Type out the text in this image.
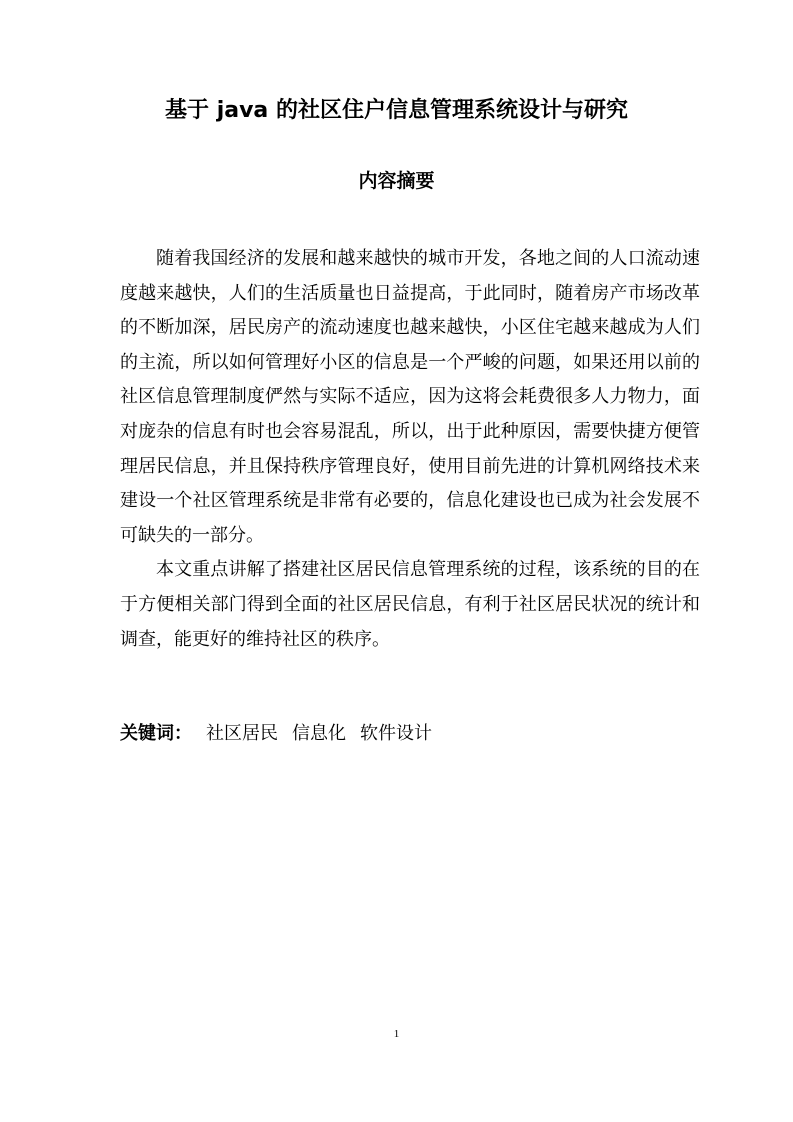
基于 java 的社区住户信息管理系统设计与研究
内容摘要

随着我国经济的发展和越来越快的城市开发，各地之间的人口流动速度越来越快，人们的生活质量也日益提高，于此同时，随着房产市场改革的不断加深，居民房产的流动速度也越来越快，小区住宅越来越成为人们的主流，所以如何管理好小区的信息是一个严峻的问题，如果还用以前的社区信息管理制度俨然与实际不适应，因为这将会耗费很多人力物力，面对庞杂的信息有时也会容易混乱，所以，出于此种原因，需要快捷方便管理居民信息，并且保持秩序管理良好，使用目前先进的计算机网络技术来建设一个社区管理系统是非常有必要的，信息化建设也已成为社会发展不可缺失的一部分。

本文重点讲解了搭建社区居民信息管理系统的过程，该系统的目的在于方便相关部门得到全面的社区居民信息，有利于社区居民状况的统计和调查，能更好的维持社区的秩序。

关键词： 社区居民 信息化 软件设计
1
